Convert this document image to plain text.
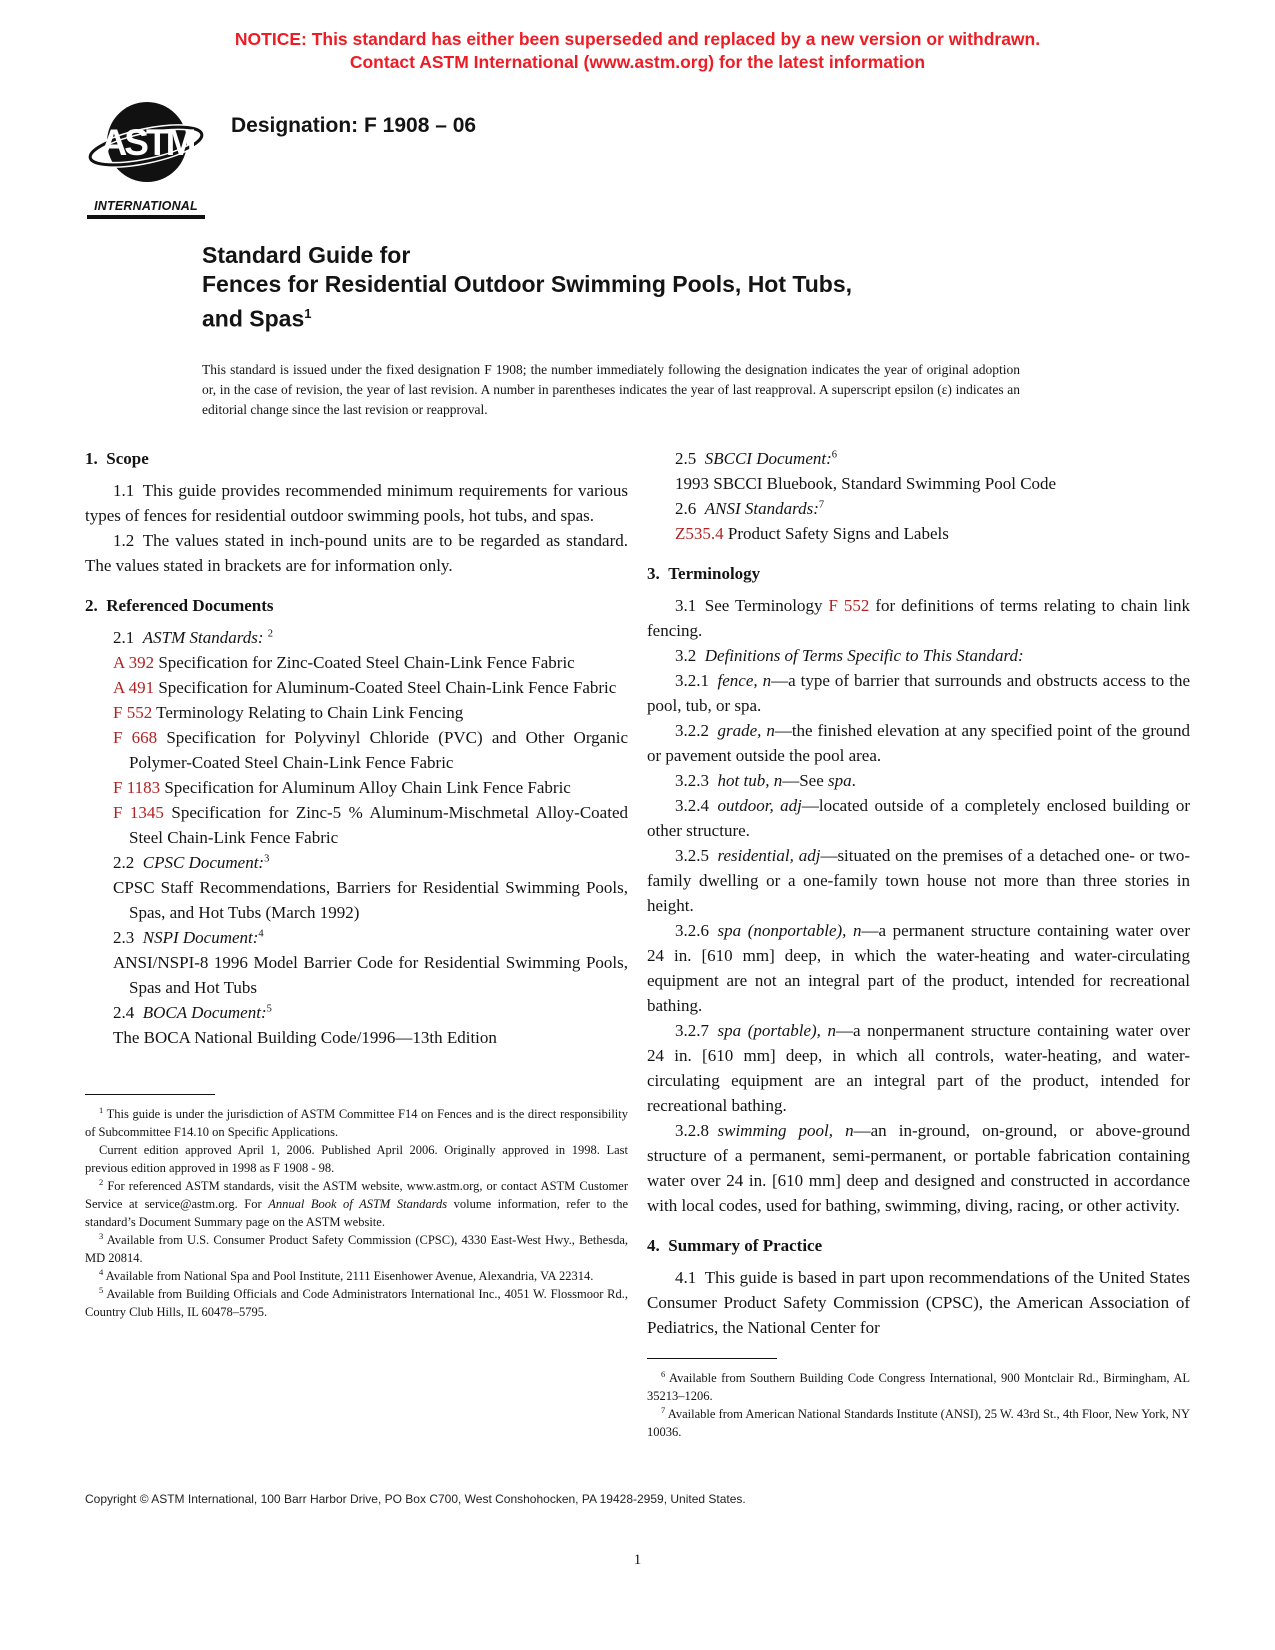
NOTICE: This standard has either been superseded and replaced by a new version or withdrawn.
Contact ASTM International (www.astm.org) for the latest information
ASTM
INTERNATIONAL
Designation: F 1908 – 06
Standard Guide for
Fences for Residential Outdoor Swimming Pools, Hot Tubs,
and Spas$^1$

This standard is issued under the fixed designation F 1908; the number immediately following the designation indicates the year of original adoption or, in the case of revision, the year of last revision. A number in parentheses indicates the year of last reapproval. A superscript epsilon (ε) indicates an editorial change since the last revision or reapproval.

1.  Scope
1.1 This guide provides recommended minimum requirements for various types of fences for residential outdoor swimming pools, hot tubs, and spas.
1.2 The values stated in inch-pound units are to be regarded as standard. The values stated in brackets are for information only.
2.  Referenced Documents
2.1 ASTM Standards: $^2$
A 392 Specification for Zinc-Coated Steel Chain-Link Fence Fabric
A 491 Specification for Aluminum-Coated Steel Chain-Link Fence Fabric
F 552 Terminology Relating to Chain Link Fencing
F 668 Specification for Polyvinyl Chloride (PVC) and Other Organic Polymer-Coated Steel Chain-Link Fence Fabric
F 1183 Specification for Aluminum Alloy Chain Link Fence Fabric
F 1345 Specification for Zinc-5 % Aluminum-Mischmetal Alloy-Coated Steel Chain-Link Fence Fabric
2.2 CPSC Document:$^3$
CPSC Staff Recommendations, Barriers for Residential Swimming Pools, Spas, and Hot Tubs (March 1992)
2.3 NSPI Document:$^4$
ANSI/NSPI-8 1996 Model Barrier Code for Residential Swimming Pools, Spas and Hot Tubs
2.4 BOCA Document:$^5$
The BOCA National Building Code/1996—13th Edition
$^1$ This guide is under the jurisdiction of ASTM Committee F14 on Fences and is the direct responsibility of Subcommittee F14.10 on Specific Applications.
Current edition approved April 1, 2006. Published April 2006. Originally approved in 1998. Last previous edition approved in 1998 as F 1908 - 98.
$^2$ For referenced ASTM standards, visit the ASTM website, www.astm.org, or contact ASTM Customer Service at service@astm.org. For Annual Book of ASTM Standards volume information, refer to the standard’s Document Summary page on the ASTM website.
$^3$ Available from U.S. Consumer Product Safety Commission (CPSC), 4330 East-West Hwy., Bethesda, MD 20814.
$^4$ Available from National Spa and Pool Institute, 2111 Eisenhower Avenue, Alexandria, VA 22314.
$^5$ Available from Building Officials and Code Administrators International Inc., 4051 W. Flossmoor Rd., Country Club Hills, IL 60478–5795.
2.5 SBCCI Document:$^6$
1993 SBCCI Bluebook, Standard Swimming Pool Code
2.6 ANSI Standards:$^7$
Z535.4 Product Safety Signs and Labels
3.  Terminology
3.1 See Terminology F 552 for definitions of terms relating to chain link fencing.
3.2 Definitions of Terms Specific to This Standard:
3.2.1 fence, n—a type of barrier that surrounds and obstructs access to the pool, tub, or spa.
3.2.2 grade, n—the finished elevation at any specified point of the ground or pavement outside the pool area.
3.2.3 hot tub, n—See spa.
3.2.4 outdoor, adj—located outside of a completely enclosed building or other structure.
3.2.5 residential, adj—situated on the premises of a detached one- or two-family dwelling or a one-family town house not more than three stories in height.
3.2.6 spa (nonportable), n—a permanent structure containing water over 24 in. [610 mm] deep, in which the water-heating and water-circulating equipment are not an integral part of the product, intended for recreational bathing.
3.2.7 spa (portable), n—a nonpermanent structure containing water over 24 in. [610 mm] deep, in which all controls, water-heating, and water-circulating equipment are an integral part of the product, intended for recreational bathing.
3.2.8 swimming pool, n—an in-ground, on-ground, or above-ground structure of a permanent, semi-permanent, or portable fabrication containing water over 24 in. [610 mm] deep and designed and constructed in accordance with local codes, used for bathing, swimming, diving, racing, or other activity.
4.  Summary of Practice
4.1 This guide is based in part upon recommendations of the United States Consumer Product Safety Commission (CPSC), the American Association of Pediatrics, the National Center for
$^6$ Available from Southern Building Code Congress International, 900 Montclair Rd., Birmingham, AL 35213–1206.
$^7$ Available from American National Standards Institute (ANSI), 25 W. 43rd St., 4th Floor, New York, NY 10036.
Copyright © ASTM International, 100 Barr Harbor Drive, PO Box C700, West Conshohocken, PA 19428-2959, United States.
1
